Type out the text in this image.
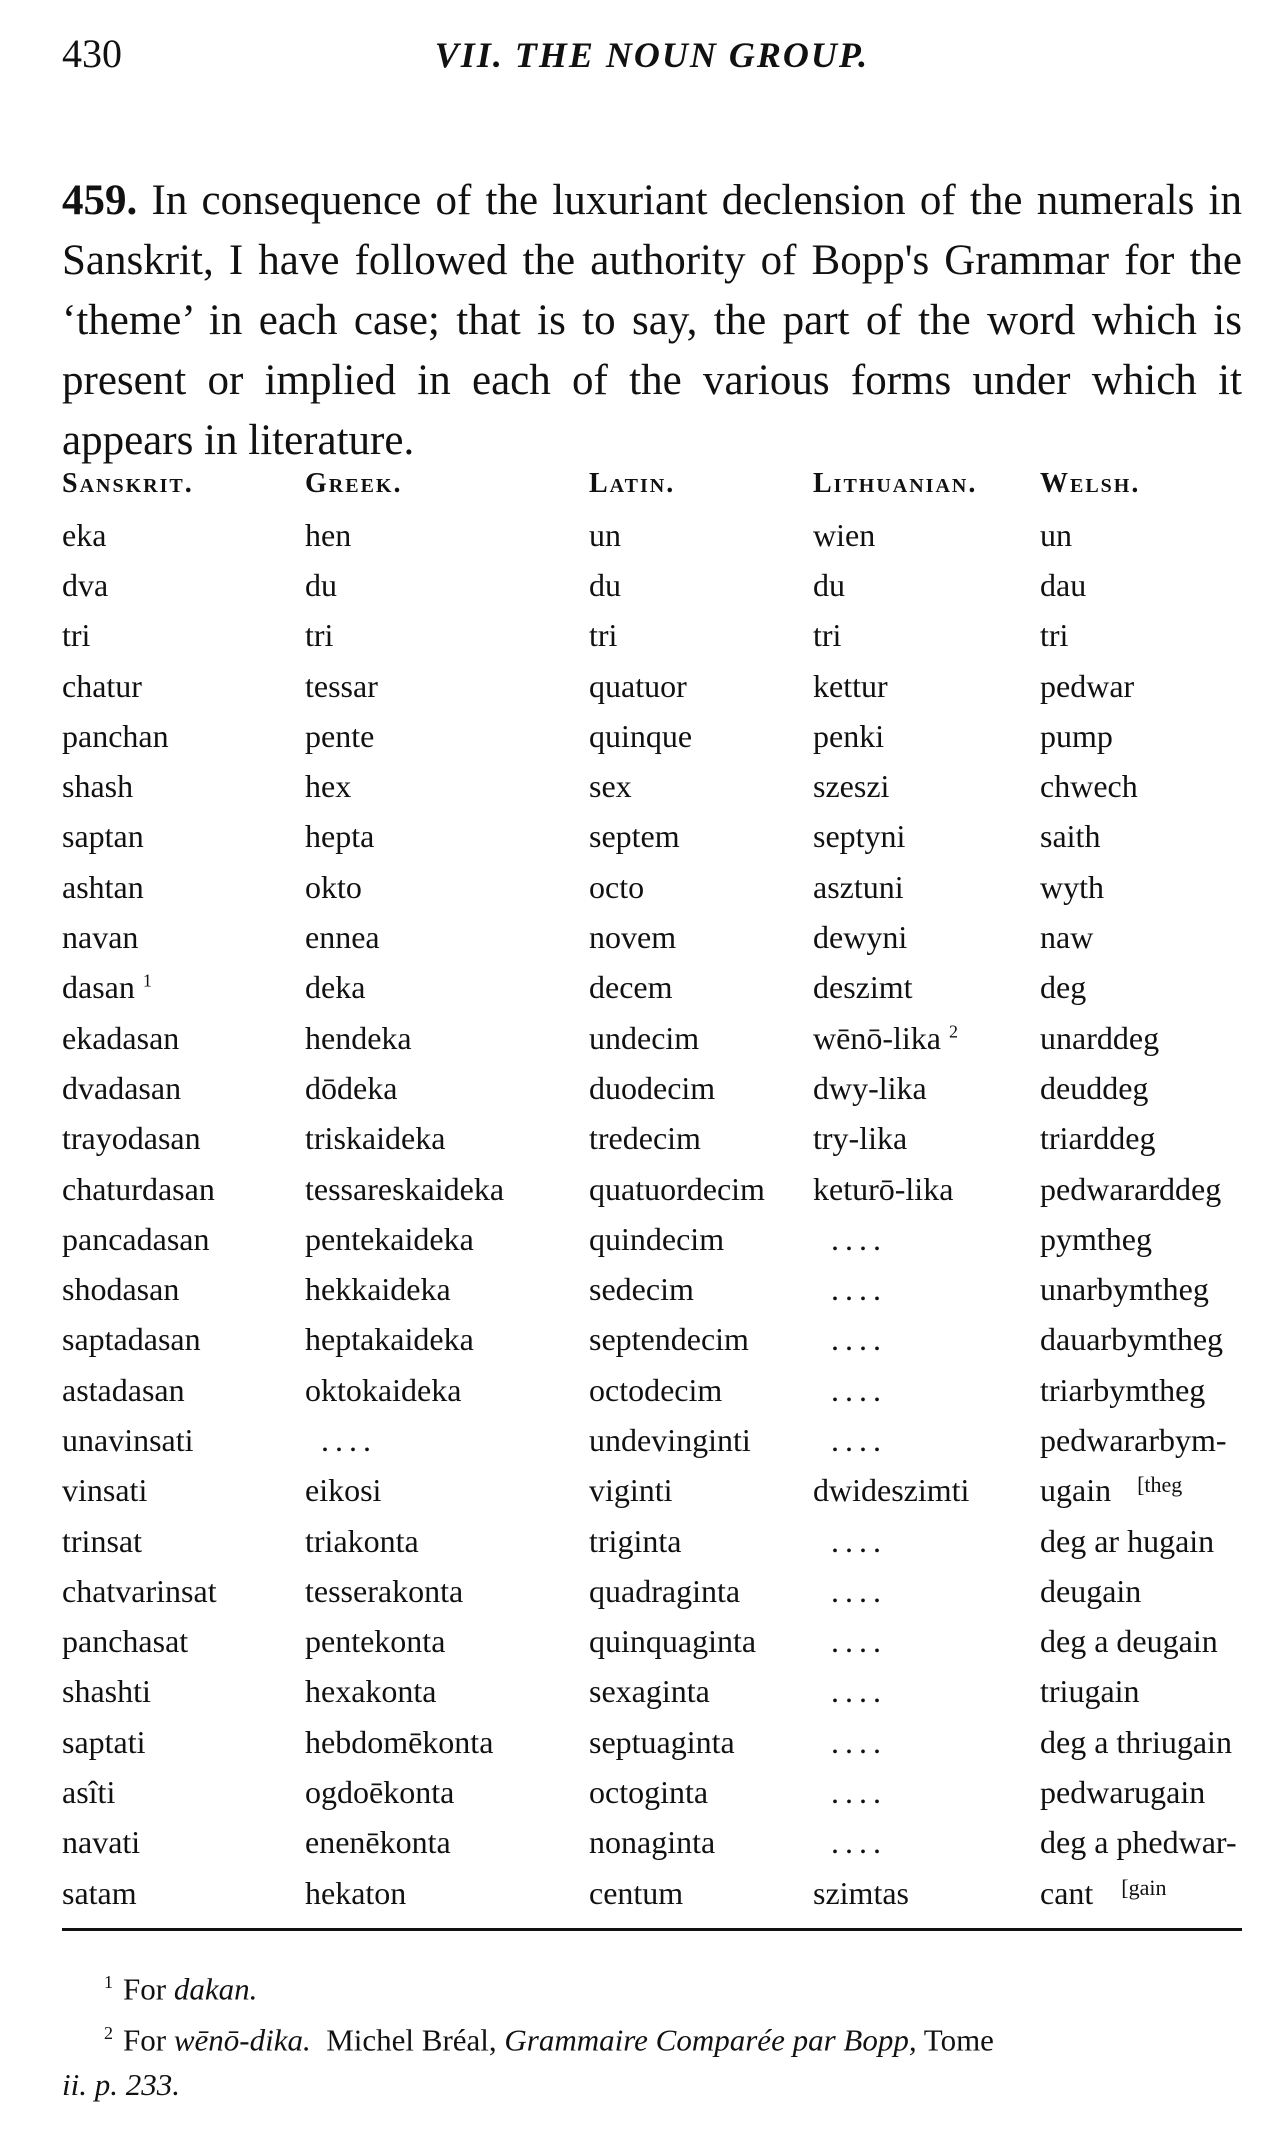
430	VII. THE NOUN GROUP.

459. In consequence of the luxuriant declension of the numerals in Sanskrit, I have followed the authority of Bopp's Grammar for the ‘theme’ in each case; that is to say, the part of the word which is present or implied in each of the various forms under which it appears in literature.

Sanskrit.	Greek.	Latin.	Lithuanian.	Welsh.
eka	hen	un	wien	un
dva	du	du	du	dau
tri	tri	tri	tri	tri
chatur	tessar	quatuor	kettur	pedwar
panchan	pente	quinque	penki	pump
shash	hex	sex	szeszi	chwech
saptan	hepta	septem	septyni	saith
ashtan	okto	octo	asztuni	wyth
navan	ennea	novem	dewyni	naw
dasan $^1$	deka	decem	deszimt	deg
ekadasan	hendeka	undecim	wēnō-lika $^2$	unarddeg
dvadasan	dōdeka	duodecim	dwy-lika	deuddeg
trayodasan	triskaideka	tredecim	try-lika	triarddeg
chaturdasan	tessareskaideka	quatuordecim	keturō-lika	pedwararddeg
pancadasan	pentekaideka	quindecim	....	pymtheg
shodasan	hekkaideka	sedecim	....	unarbymtheg
saptadasan	heptakaideka	septendecim	....	dauarbymtheg
astadasan	oktokaideka	octodecim	....	triarbymtheg
unavinsati	....	undevinginti	....	pedwararbym-
vinsati	eikosi	viginti	dwideszimti	ugain $^{[theg}$
trinsat	triakonta	triginta	....	deg ar hugain
chatvarinsat	tesserakonta	quadraginta	....	deugain
panchasat	pentekonta	quinquaginta	....	deg a deugain
shashti	hexakonta	sexaginta	....	triugain
saptati	hebdomēkonta	septuaginta	....	deg a thriugain
asîti	ogdoēkonta	octoginta	....	pedwarugain
navati	enenēkonta	nonaginta	....	deg a phedwar-
satam	hekaton	centum	szimtas	cant $^{[gain}$
$^1$ For dakan.
$^2$ For wēnō-dika. Michel Bréal, Grammaire Comparée par Bopp, Tome
ii. p. 233.
